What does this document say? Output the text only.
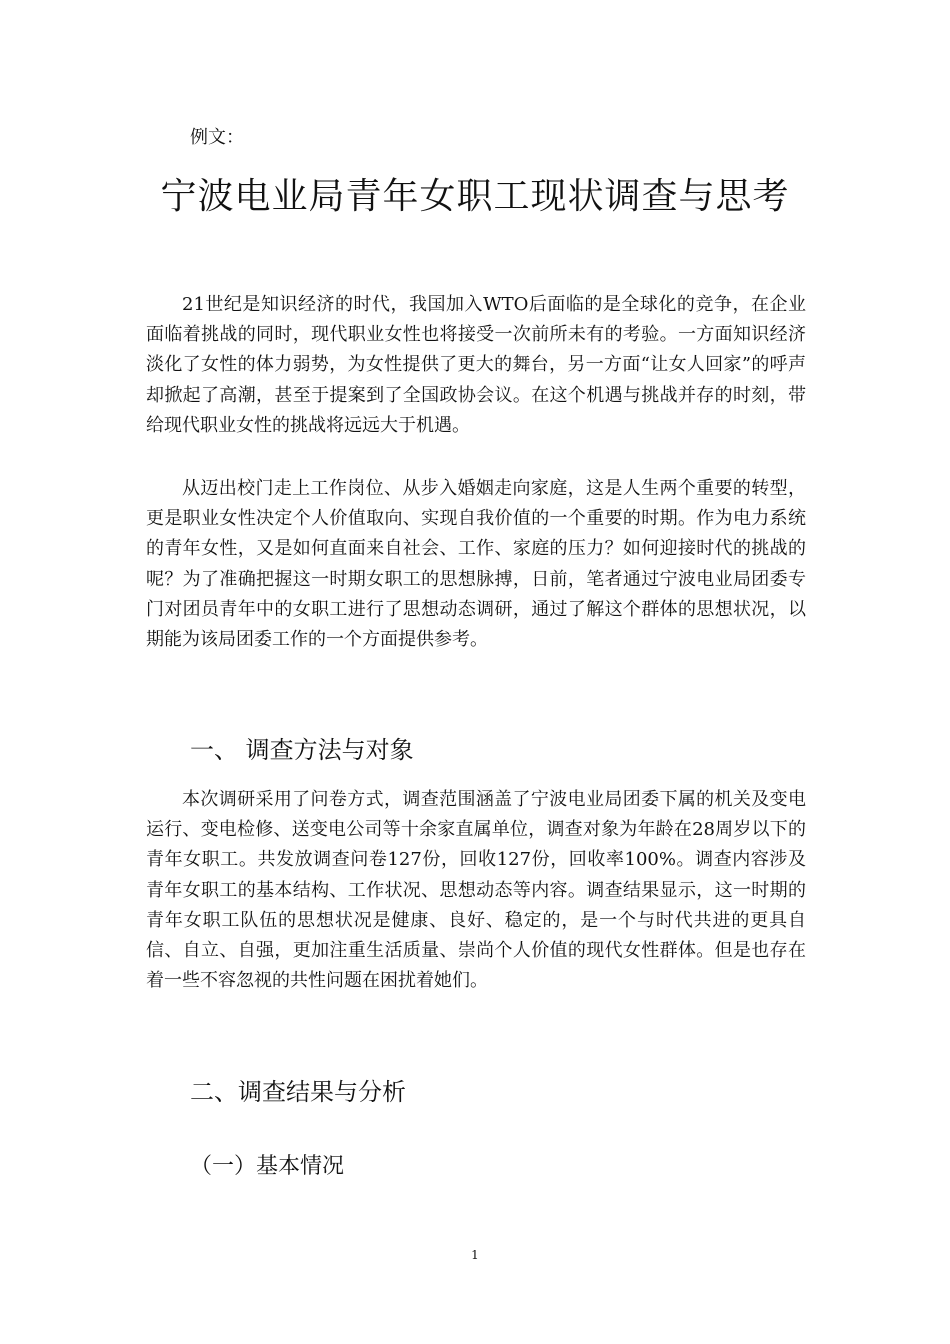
例文：
宁波电业局青年女职工现状调查与思考

21世纪是知识经济的时代，我国加入WTO后面临的是全球化的竞争，在企业面临着挑战的同时，现代职业女性也将接受一次前所未有的考验。一方面知识经济淡化了女性的体力弱势，为女性提供了更大的舞台，另一方面“让女人回家”的呼声却掀起了高潮，甚至于提案到了全国政协会议。在这个机遇与挑战并存的时刻，带给现代职业女性的挑战将远远大于机遇。

从迈出校门走上工作岗位、从步入婚姻走向家庭，这是人生两个重要的转型，更是职业女性决定个人价值取向、实现自我价值的一个重要的时期。作为电力系统的青年女性，又是如何直面来自社会、工作、家庭的压力？如何迎接时代的挑战的呢？为了准确把握这一时期女职工的思想脉搏，日前，笔者通过宁波电业局团委专门对团员青年中的女职工进行了思想动态调研，通过了解这个群体的思想状况，以期能为该局团委工作的一个方面提供参考。

一、 调查方法与对象

本次调研采用了问卷方式，调查范围涵盖了宁波电业局团委下属的机关及变电运行、变电检修、送变电公司等十余家直属单位，调查对象为年龄在28周岁以下的青年女职工。共发放调查问卷127份，回收127份，回收率100%。调查内容涉及青年女职工的基本结构、工作状况、思想动态等内容。调查结果显示，这一时期的青年女职工队伍的思想状况是健康、良好、稳定的，是一个与时代共进的更具自信、自立、自强，更加注重生活质量、崇尚个人价值的现代女性群体。但是也存在着一些不容忽视的共性问题在困扰着她们。

二、调查结果与分析
（一）基本情况
1
